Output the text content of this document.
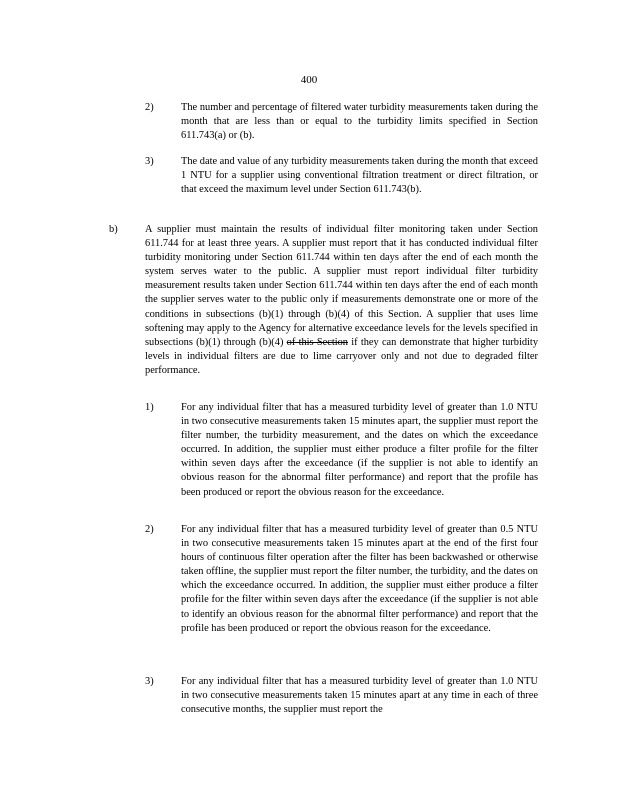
400
2)	The number and percentage of filtered water turbidity measurements taken during the month that are less than or equal to the turbidity limits specified in Section 611.743(a) or (b).
3)	The date and value of any turbidity measurements taken during the month that exceed 1 NTU for a supplier using conventional filtration treatment or direct filtration, or that exceed the maximum level under Section 611.743(b).
b)	A supplier must maintain the results of individual filter monitoring taken under Section 611.744 for at least three years. A supplier must report that it has conducted individual filter turbidity monitoring under Section 611.744 within ten days after the end of each month the system serves water to the public. A supplier must report individual filter turbidity measurement results taken under Section 611.744 within ten days after the end of each month the supplier serves water to the public only if measurements demonstrate one or more of the conditions in subsections (b)(1) through (b)(4) of this Section. A supplier that uses lime softening may apply to the Agency for alternative exceedance levels for the levels specified in subsections (b)(1) through (b)(4) of this Section if they can demonstrate that higher turbidity levels in individual filters are due to lime carryover only and not due to degraded filter performance.
1)	For any individual filter that has a measured turbidity level of greater than 1.0 NTU in two consecutive measurements taken 15 minutes apart, the supplier must report the filter number, the turbidity measurement, and the dates on which the exceedance occurred. In addition, the supplier must either produce a filter profile for the filter within seven days after the exceedance (if the supplier is not able to identify an obvious reason for the abnormal filter performance) and report that the profile has been produced or report the obvious reason for the exceedance.
2)	For any individual filter that has a measured turbidity level of greater than 0.5 NTU in two consecutive measurements taken 15 minutes apart at the end of the first four hours of continuous filter operation after the filter has been backwashed or otherwise taken offline, the supplier must report the filter number, the turbidity, and the dates on which the exceedance occurred. In addition, the supplier must either produce a filter profile for the filter within seven days after the exceedance (if the supplier is not able to identify an obvious reason for the abnormal filter performance) and report that the profile has been produced or report the obvious reason for the exceedance.
3)	For any individual filter that has a measured turbidity level of greater than 1.0 NTU in two consecutive measurements taken 15 minutes apart at any time in each of three consecutive months, the supplier must report the
